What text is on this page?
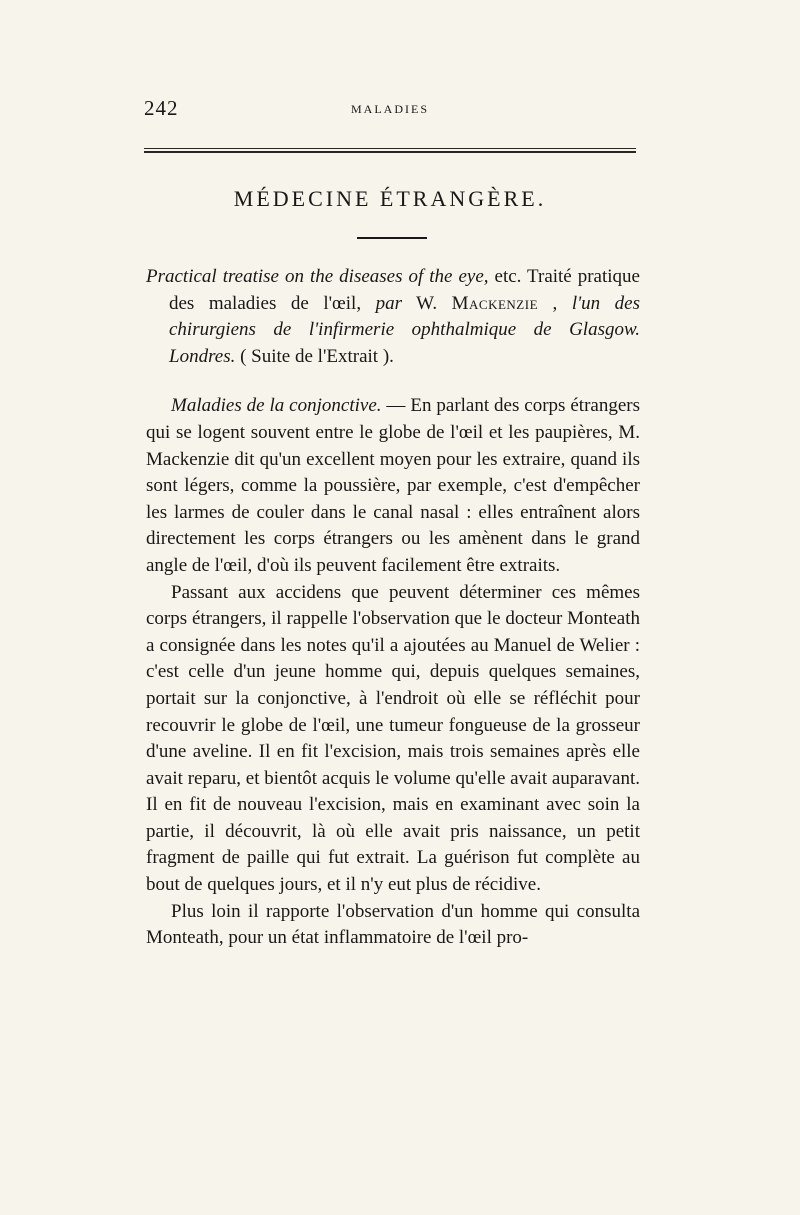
242	MALADIES
MÉDECINE ÉTRANGÈRE.

Practical treatise on the diseases of the eye, etc. Traité pratique des maladies de l'œil, par W. Mackenzie , l'un des chirurgiens de l'infirmerie ophthalmique de Glasgow. Londres. ( Suite de l'Extrait ).

Maladies de la conjonctive. — En parlant des corps étrangers qui se logent souvent entre le globe de l'œil et les paupières, M. Mackenzie dit qu'un excellent moyen pour les extraire, quand ils sont légers, comme la poussière, par exemple, c'est d'empêcher les larmes de couler dans le canal nasal : elles entraînent alors directement les corps étrangers ou les amènent dans le grand angle de l'œil, d'où ils peuvent facilement être extraits.

Passant aux accidens que peuvent déterminer ces mêmes corps étrangers, il rappelle l'observation que le docteur Monteath a consignée dans les notes qu'il a ajoutées au Manuel de Welier : c'est celle d'un jeune homme qui, depuis quelques semaines, portait sur la conjonctive, à l'endroit où elle se réfléchit pour recouvrir le globe de l'œil, une tumeur fongueuse de la grosseur d'une aveline. Il en fit l'excision, mais trois semaines après elle avait reparu, et bientôt acquis le volume qu'elle avait auparavant. Il en fit de nouveau l'excision, mais en examinant avec soin la partie, il découvrit, là où elle avait pris naissance, un petit fragment de paille qui fut extrait. La guérison fut complète au bout de quelques jours, et il n'y eut plus de récidive.

Plus loin il rapporte l'observation d'un homme qui consulta Monteath, pour un état inflammatoire de l'œil pro-
